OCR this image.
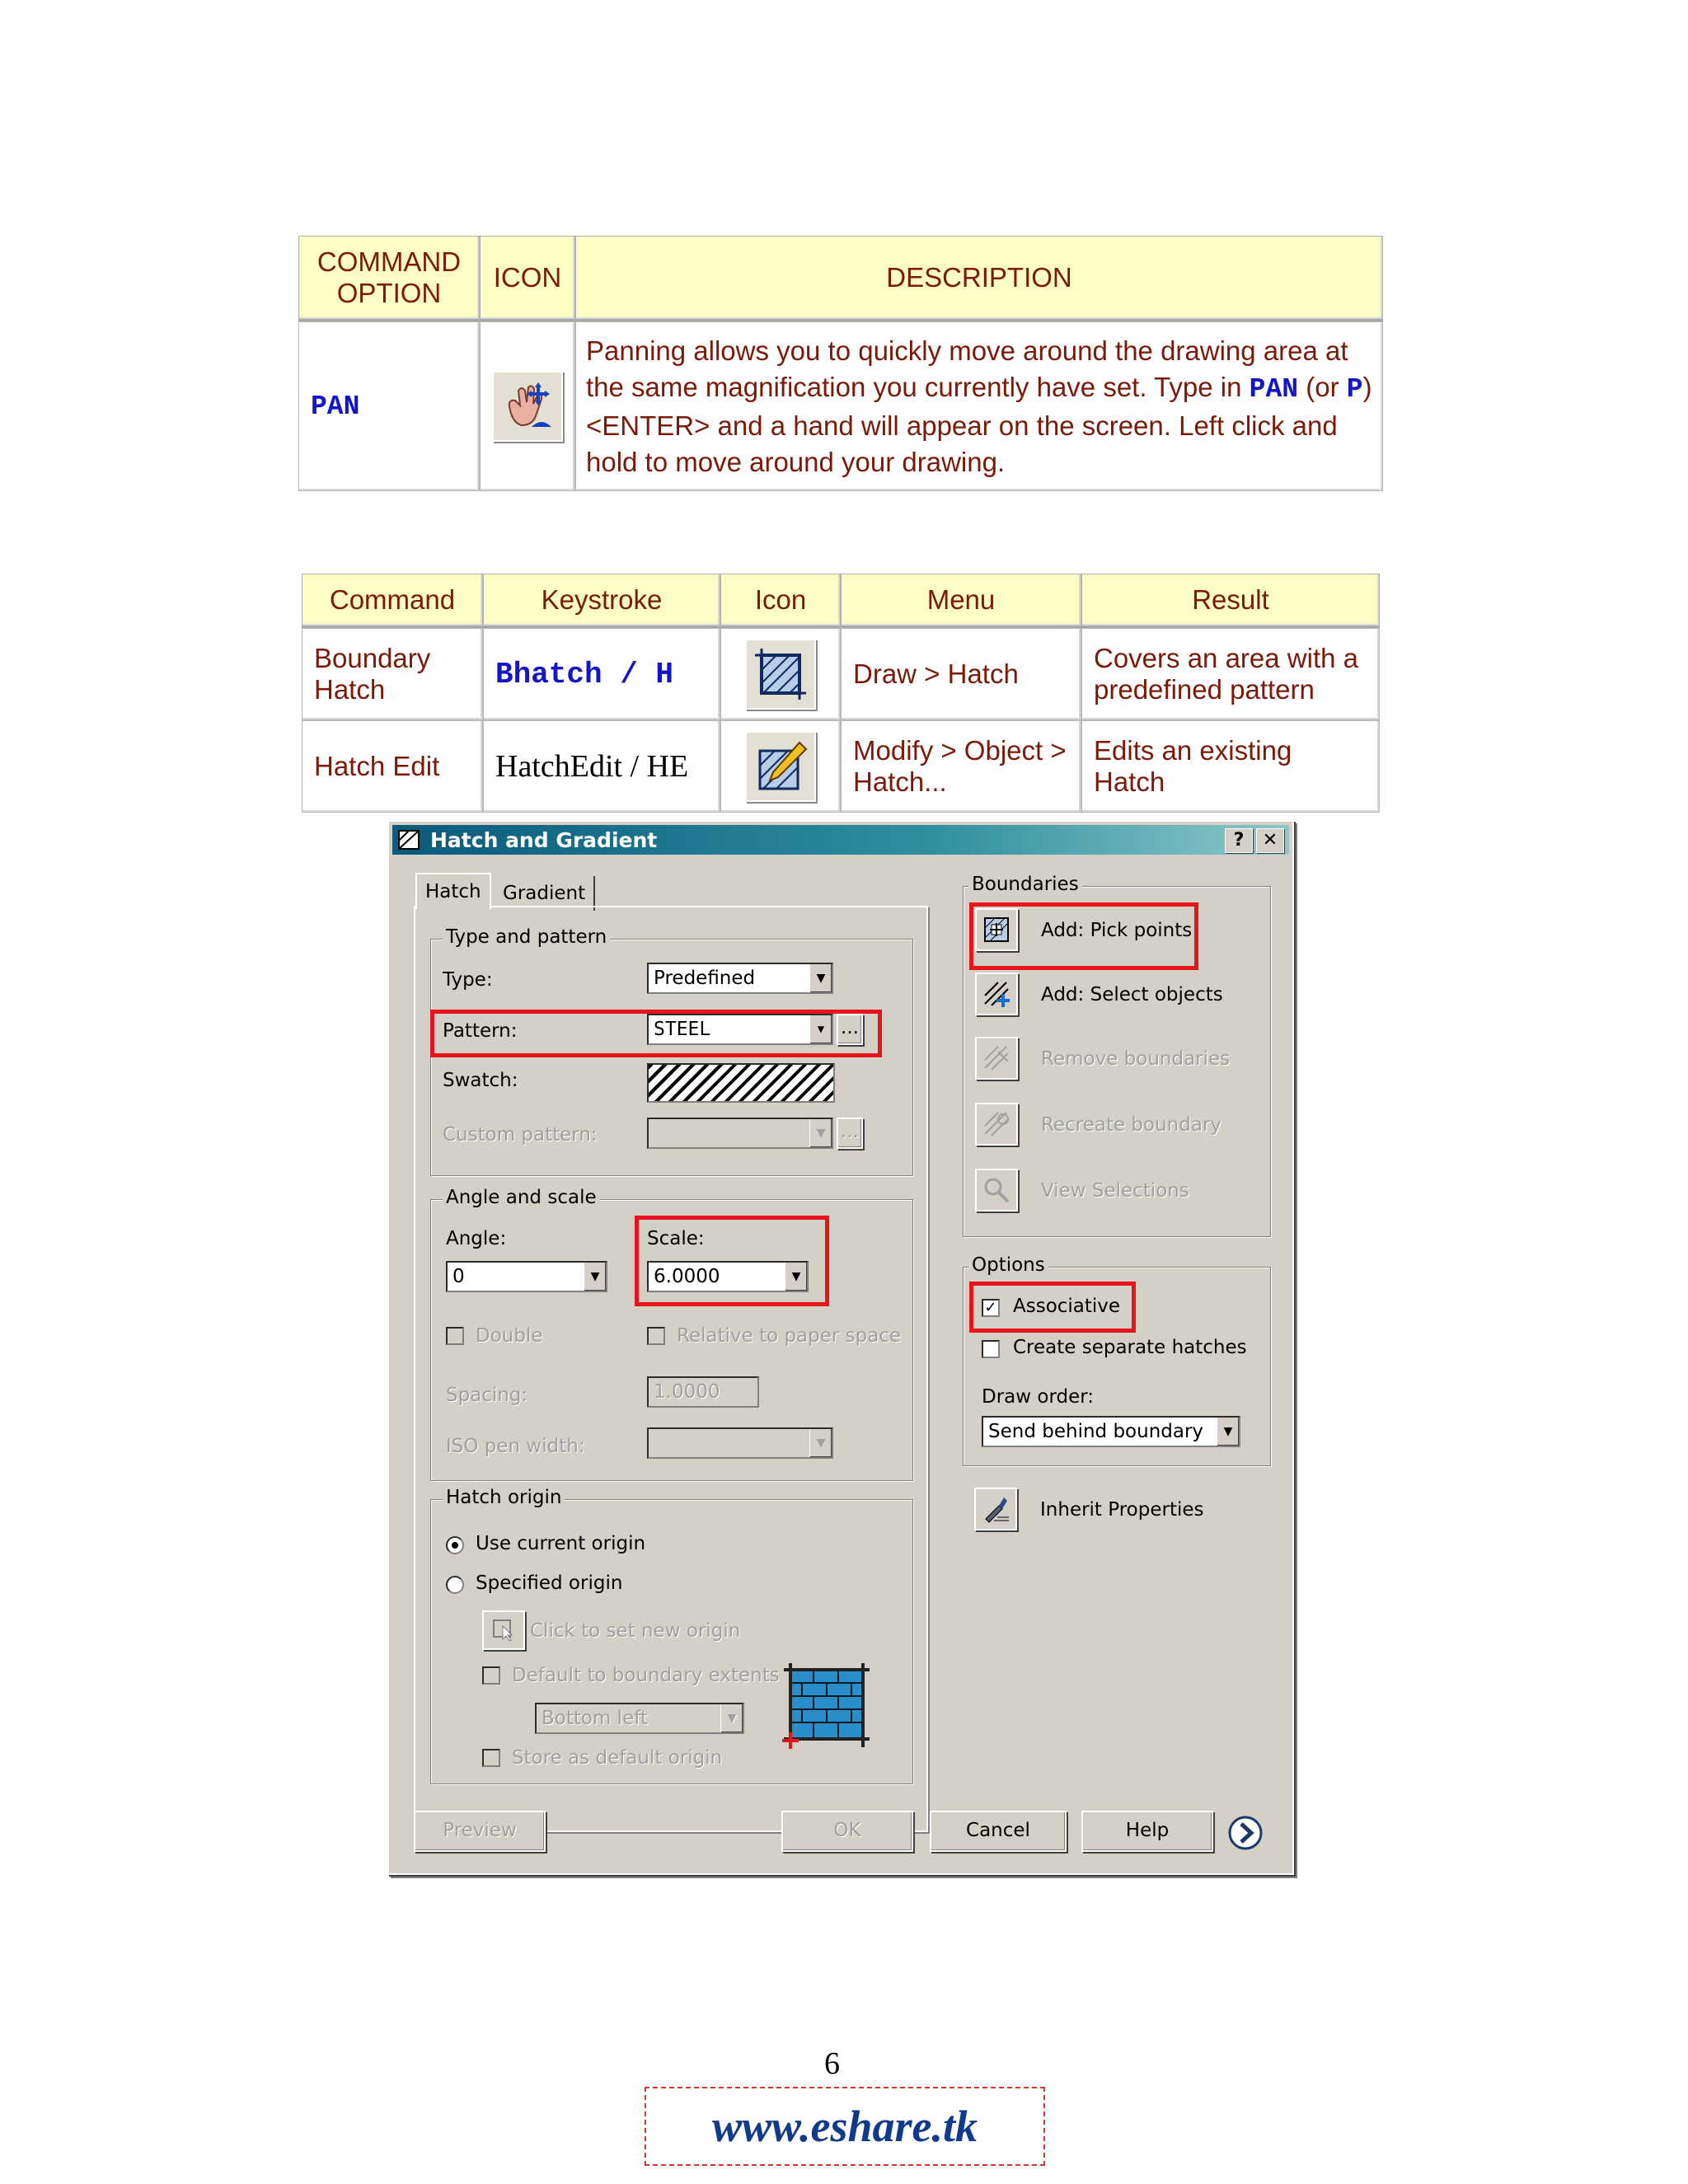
COMMAND OPTION	ICON	DESCRIPTION
PAN		Panning allows you to quickly move around the drawing area at the same magnification you currently have set. Type in PAN (or P) <ENTER> and a hand will appear on the screen. Left click and hold to move around your drawing.
Command	Keystroke	Icon	Menu	Result
Boundary Hatch	Bhatch / H		Draw > Hatch	Covers an area with a predefined pattern
Hatch Edit	HatchEdit / HE		Modify > Object > Hatch...	Edits an existing Hatch
Hatch and Gradient	?	✕
Hatch	Gradient
Type and pattern
Type:	Predefined	▼
Pattern:	STEEL	▼ ...
Swatch:
Custom pattern:	▼ ...
Angle and scale
Angle:
0	▼
Scale:
6.0000	▼
Double	Relative to paper space
Spacing:	1.0000
ISO pen width:	▼
Hatch origin
Use current origin
Specified origin
Click to set new origin
Default to boundary extents
Bottom left	▼
Store as default origin
Boundaries
Add: Pick points
Add: Select objects
Remove boundaries
Recreate boundary
View Selections
Options
✓ Associative
Create separate hatches
Draw order:
Send behind boundary	▼
Inherit Properties
Preview	OK	Cancel	Help
6
www.eshare.tk
